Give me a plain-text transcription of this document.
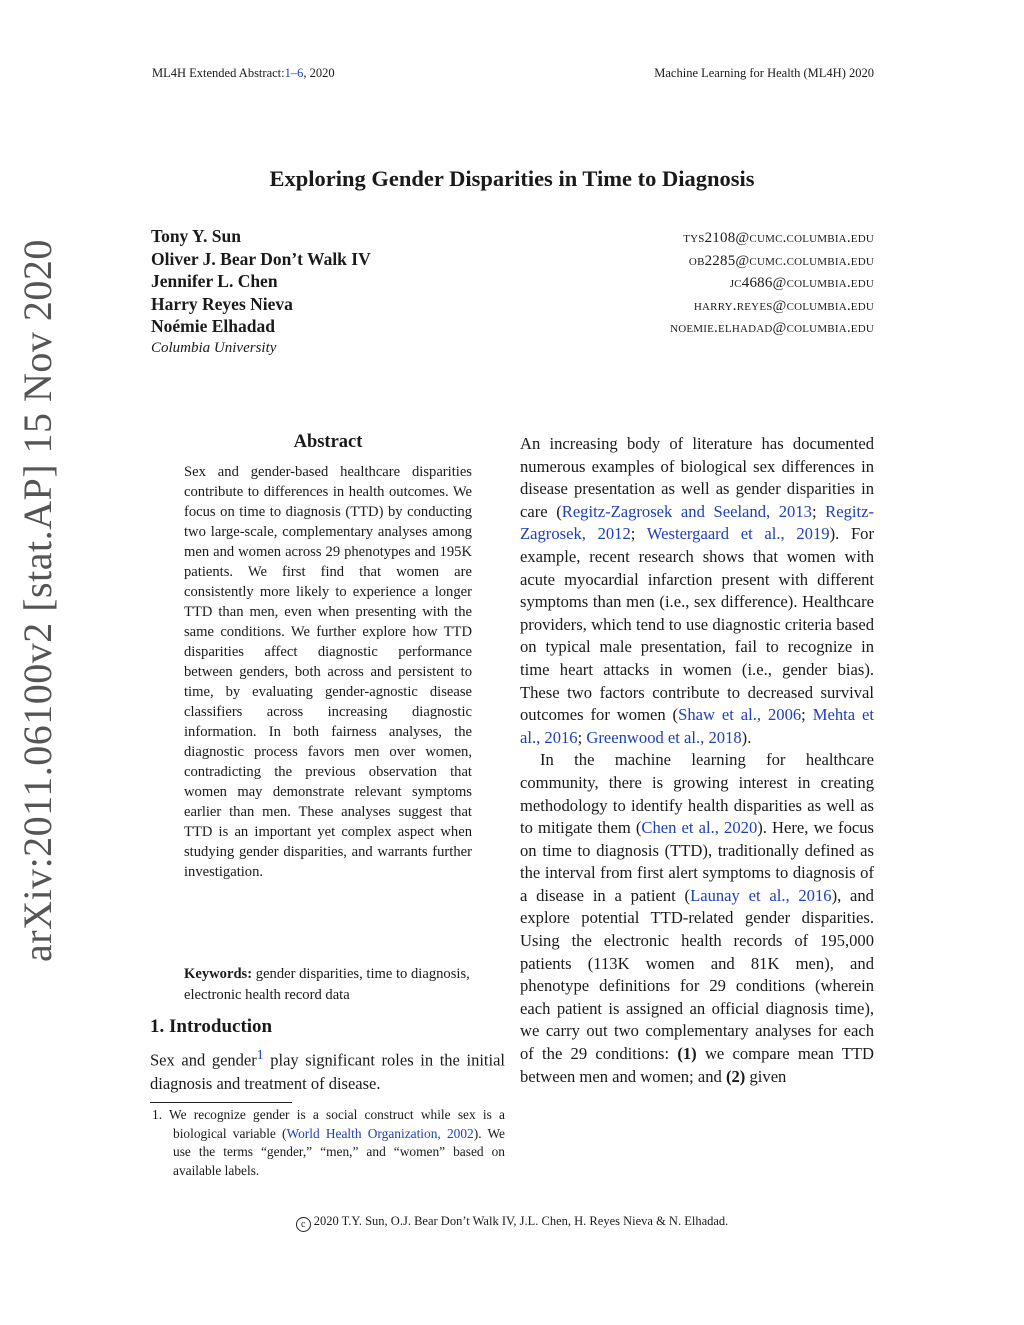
ML4H Extended Abstract:1–6, 2020	Machine Learning for Health (ML4H) 2020
arXiv:2011.06100v2 [stat.AP] 15 Nov 2020
Exploring Gender Disparities in Time to Diagnosis
Tony Y. Sun	tys2108@cumc.columbia.edu
Oliver J. Bear Don’t Walk IV	ob2285@cumc.columbia.edu
Jennifer L. Chen	jc4686@columbia.edu
Harry Reyes Nieva	harry.reyes@columbia.edu
Noémie Elhadad	noemie.elhadad@columbia.edu
Columbia University
Abstract

Sex and gender-based healthcare disparities contribute to differences in health outcomes. We focus on time to diagnosis (TTD) by conducting two large-scale, complementary analyses among men and women across 29 phenotypes and 195K patients. We first find that women are consistently more likely to experience a longer TTD than men, even when presenting with the same conditions. We further explore how TTD disparities affect diagnostic performance between genders, both across and persistent to time, by evaluating gender-agnostic disease classifiers across increasing diagnostic information. In both fairness analyses, the diagnostic process favors men over women, contradicting the previous observation that women may demonstrate relevant symptoms earlier than men. These analyses suggest that TTD is an important yet complex aspect when studying gender disparities, and warrants further investigation.

Keywords: gender disparities, time to diagnosis, electronic health record data

1. Introduction

Sex and gender$^1$ play significant roles in the initial diagnosis and treatment of disease.

1. We recognize gender is a social construct while sex is a biological variable (World Health Organization, 2002). We use the terms “gender,” “men,” and “women” based on available labels.

An increasing body of literature has documented numerous examples of biological sex differences in disease presentation as well as gender disparities in care (Regitz-Zagrosek and Seeland, 2013; Regitz-Zagrosek, 2012; Westergaard et al., 2019). For example, recent research shows that women with acute myocardial infarction present with different symptoms than men (i.e., sex difference). Healthcare providers, which tend to use diagnostic criteria based on typical male presentation, fail to recognize in time heart attacks in women (i.e., gender bias). These two factors contribute to decreased survival outcomes for women (Shaw et al., 2006; Mehta et al., 2016; Greenwood et al., 2018).

In the machine learning for healthcare community, there is growing interest in creating methodology to identify health disparities as well as to mitigate them (Chen et al., 2020). Here, we focus on time to diagnosis (TTD), traditionally defined as the interval from first alert symptoms to diagnosis of a disease in a patient (Launay et al., 2016), and explore potential TTD-related gender disparities. Using the electronic health records of 195,000 patients (113K women and 81K men), and phenotype definitions for 29 conditions (wherein each patient is assigned an official diagnosis time), we carry out two complementary analyses for each of the 29 conditions: (1) we compare mean TTD between men and women; and (2) given

c 2020 T.Y. Sun, O.J. Bear Don’t Walk IV, J.L. Chen, H. Reyes Nieva & N. Elhadad.
